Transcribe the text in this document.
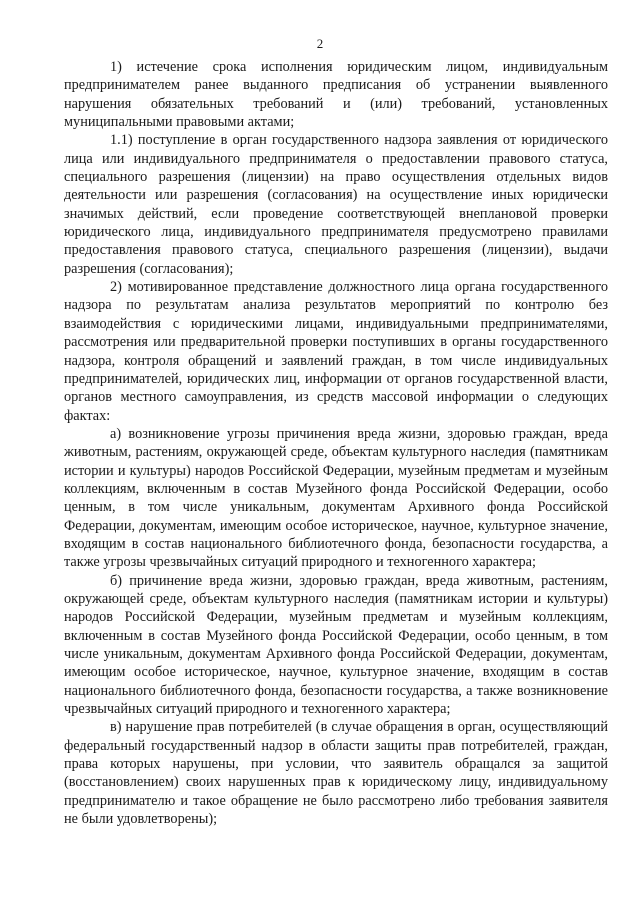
2

1) истечение срока исполнения юридическим лицом, индивидуальным предпринимателем ранее выданного предписания об устранении выявленного нарушения обязательных требований и (или) требований, установленных муниципальными правовыми актами;

1.1) поступление в орган государственного надзора заявления от юридического лица или индивидуального предпринимателя о предоставлении правового статуса, специального разрешения (лицензии) на право осуществления отдельных видов деятельности или разрешения (согласования) на осуществление иных юридически значимых действий, если проведение соответствующей внеплановой проверки юридического лица, индивидуального предпринимателя предусмотрено правилами предоставления правового статуса, специального разрешения (лицензии), выдачи разрешения (согласования);

2) мотивированное представление должностного лица органа государственного надзора по результатам анализа результатов мероприятий по контролю без взаимодействия с юридическими лицами, индивидуальными предпринимателями, рассмотрения или предварительной проверки поступивших в органы государственного надзора, контроля обращений и заявлений граждан, в том числе индивидуальных предпринимателей, юридических лиц, информации от органов государственной власти, органов местного самоуправления, из средств массовой информации о следующих фактах:

а) возникновение угрозы причинения вреда жизни, здоровью граждан, вреда животным, растениям, окружающей среде, объектам культурного наследия (памятникам истории и культуры) народов Российской Федерации, музейным предметам и музейным коллекциям, включенным в состав Музейного фонда Российской Федерации, особо ценным, в том числе уникальным, документам Архивного фонда Российской Федерации, документам, имеющим особое историческое, научное, культурное значение, входящим в состав национального библиотечного фонда, безопасности государства, а также угрозы чрезвычайных ситуаций природного и техногенного характера;

б) причинение вреда жизни, здоровью граждан, вреда животным, растениям, окружающей среде, объектам культурного наследия (памятникам истории и культуры) народов Российской Федерации, музейным предметам и музейным коллекциям, включенным в состав Музейного фонда Российской Федерации, особо ценным, в том числе уникальным, документам Архивного фонда Российской Федерации, документам, имеющим особое историческое, научное, культурное значение, входящим в состав национального библиотечного фонда, безопасности государства, а также возникновение чрезвычайных ситуаций природного и техногенного характера;

в) нарушение прав потребителей (в случае обращения в орган, осуществляющий федеральный государственный надзор в области защиты прав потребителей, граждан, права которых нарушены, при условии, что заявитель обращался за защитой (восстановлением) своих нарушенных прав к юридическому лицу, индивидуальному предпринимателю и такое обращение не было рассмотрено либо требования заявителя не были удовлетворены);
